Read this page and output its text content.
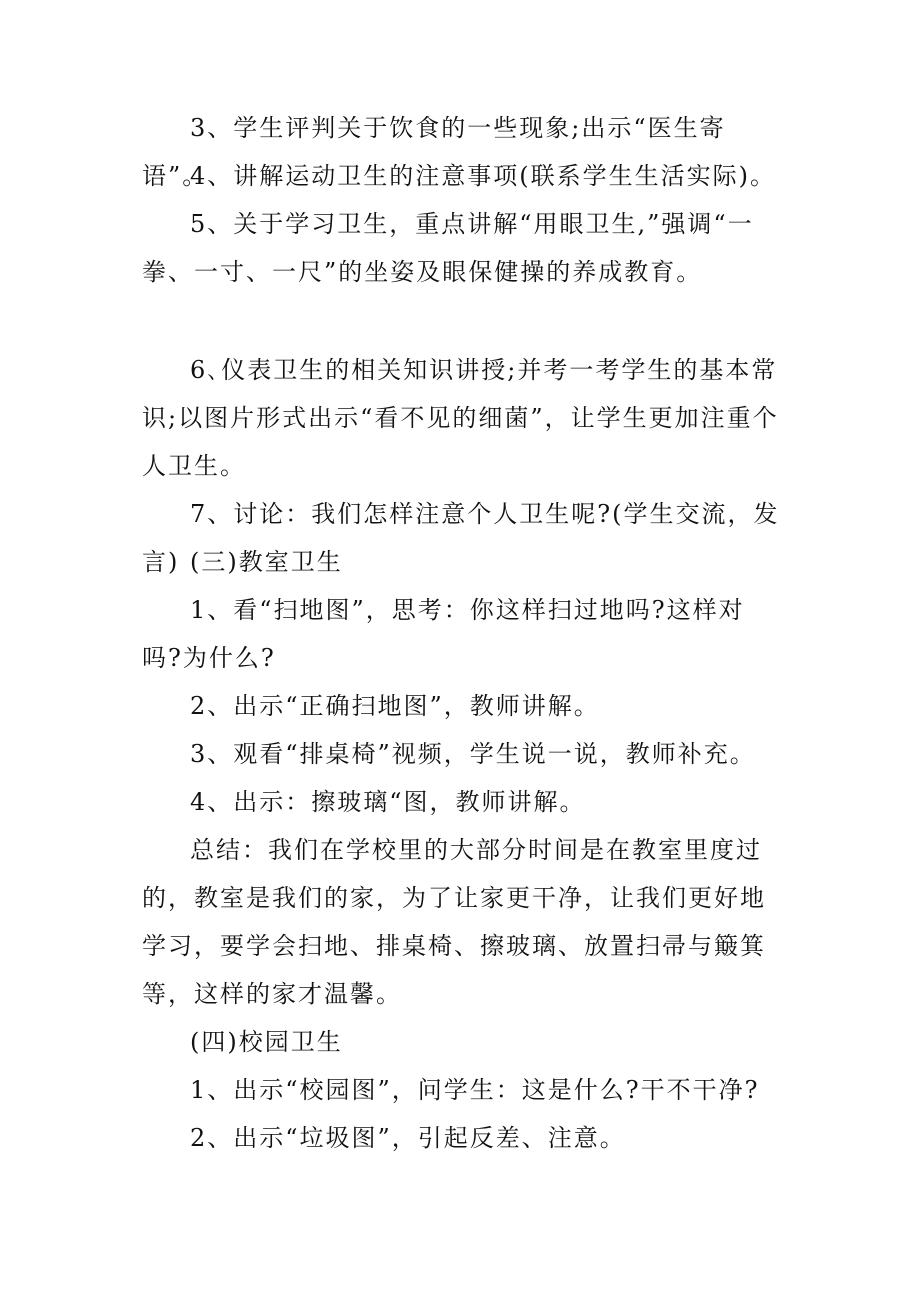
3、学生评判关于饮食的一些现象;出示“医生寄语”。

4、讲解运动卫生的注意事项(联系学生生活实际)。

5、关于学习卫生，重点讲解“用眼卫生,”强调“一拳、一寸、一尺”的坐姿及眼保健操的养成教育。

6､仪表卫生的相关知识讲授;并考一考学生的基本常识;以图片形式出示“看不见的细菌”，让学生更加注重个人卫生。

7、讨论：我们怎样注意个人卫生呢?(学生交流，发言) (三)教室卫生

1、看“扫地图”，思考：你这样扫过地吗?这样对吗?为什么?

2、出示“正确扫地图”，教师讲解。

3、观看“排桌椅”视频，学生说一说，教师补充。

4、出示：擦玻璃“图，教师讲解。

总结：我们在学校里的大部分时间是在教室里度过的，教室是我们的家，为了让家更干净，让我们更好地学习，要学会扫地、排桌椅、擦玻璃、放置扫帚与簸箕等，这样的家才温馨。

(四)校园卫生

1、出示“校园图”，问学生：这是什么?干不干净?

2、出示“垃圾图”，引起反差、注意。
